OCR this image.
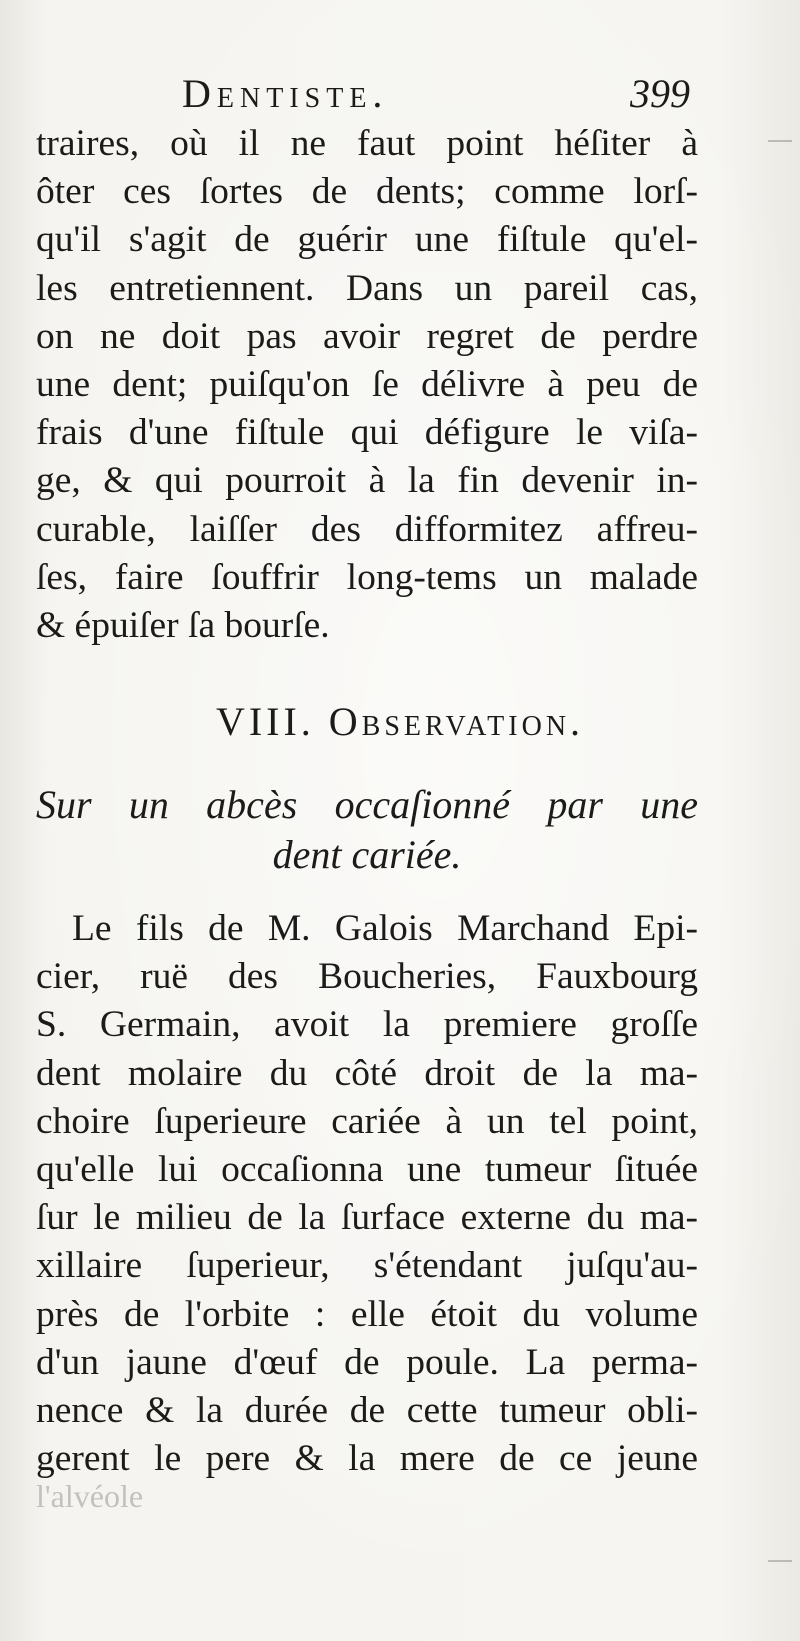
Dentiste.	399
traires, où il ne faut point héſiter à
ôter ces ſortes de dents; comme lorſ-
qu'il s'agit de guérir une fiſtule qu'el-
les entretiennent. Dans un pareil cas,
on ne doit pas avoir regret de perdre
une dent; puiſqu'on ſe délivre à peu de
frais d'une fiſtule qui défigure le viſa-
ge, & qui pourroit à la fin devenir in-
curable, laiſſer des difformitez affreu-
ſes, faire ſouffrir long-tems un malade
& épuiſer ſa bourſe.
VIII. Observation.
Sur un abcès occaſionné par une
dent cariée.
Le fils de M. Galois Marchand Epi-
cier, ruë des Boucheries, Fauxbourg
S. Germain, avoit la premiere groſſe
dent molaire du côté droit de la ma-
choire ſuperieure cariée à un tel point,
qu'elle lui occaſionna une tumeur ſituée
ſur le milieu de la ſurface externe du ma-
xillaire ſuperieur, s'étendant juſqu'au-
près de l'orbite : elle étoit du volume
d'un jaune d'œuf de poule. La perma-
nence & la durée de cette tumeur obli-
gerent le pere & la mere de ce jeune
l'alvéole
